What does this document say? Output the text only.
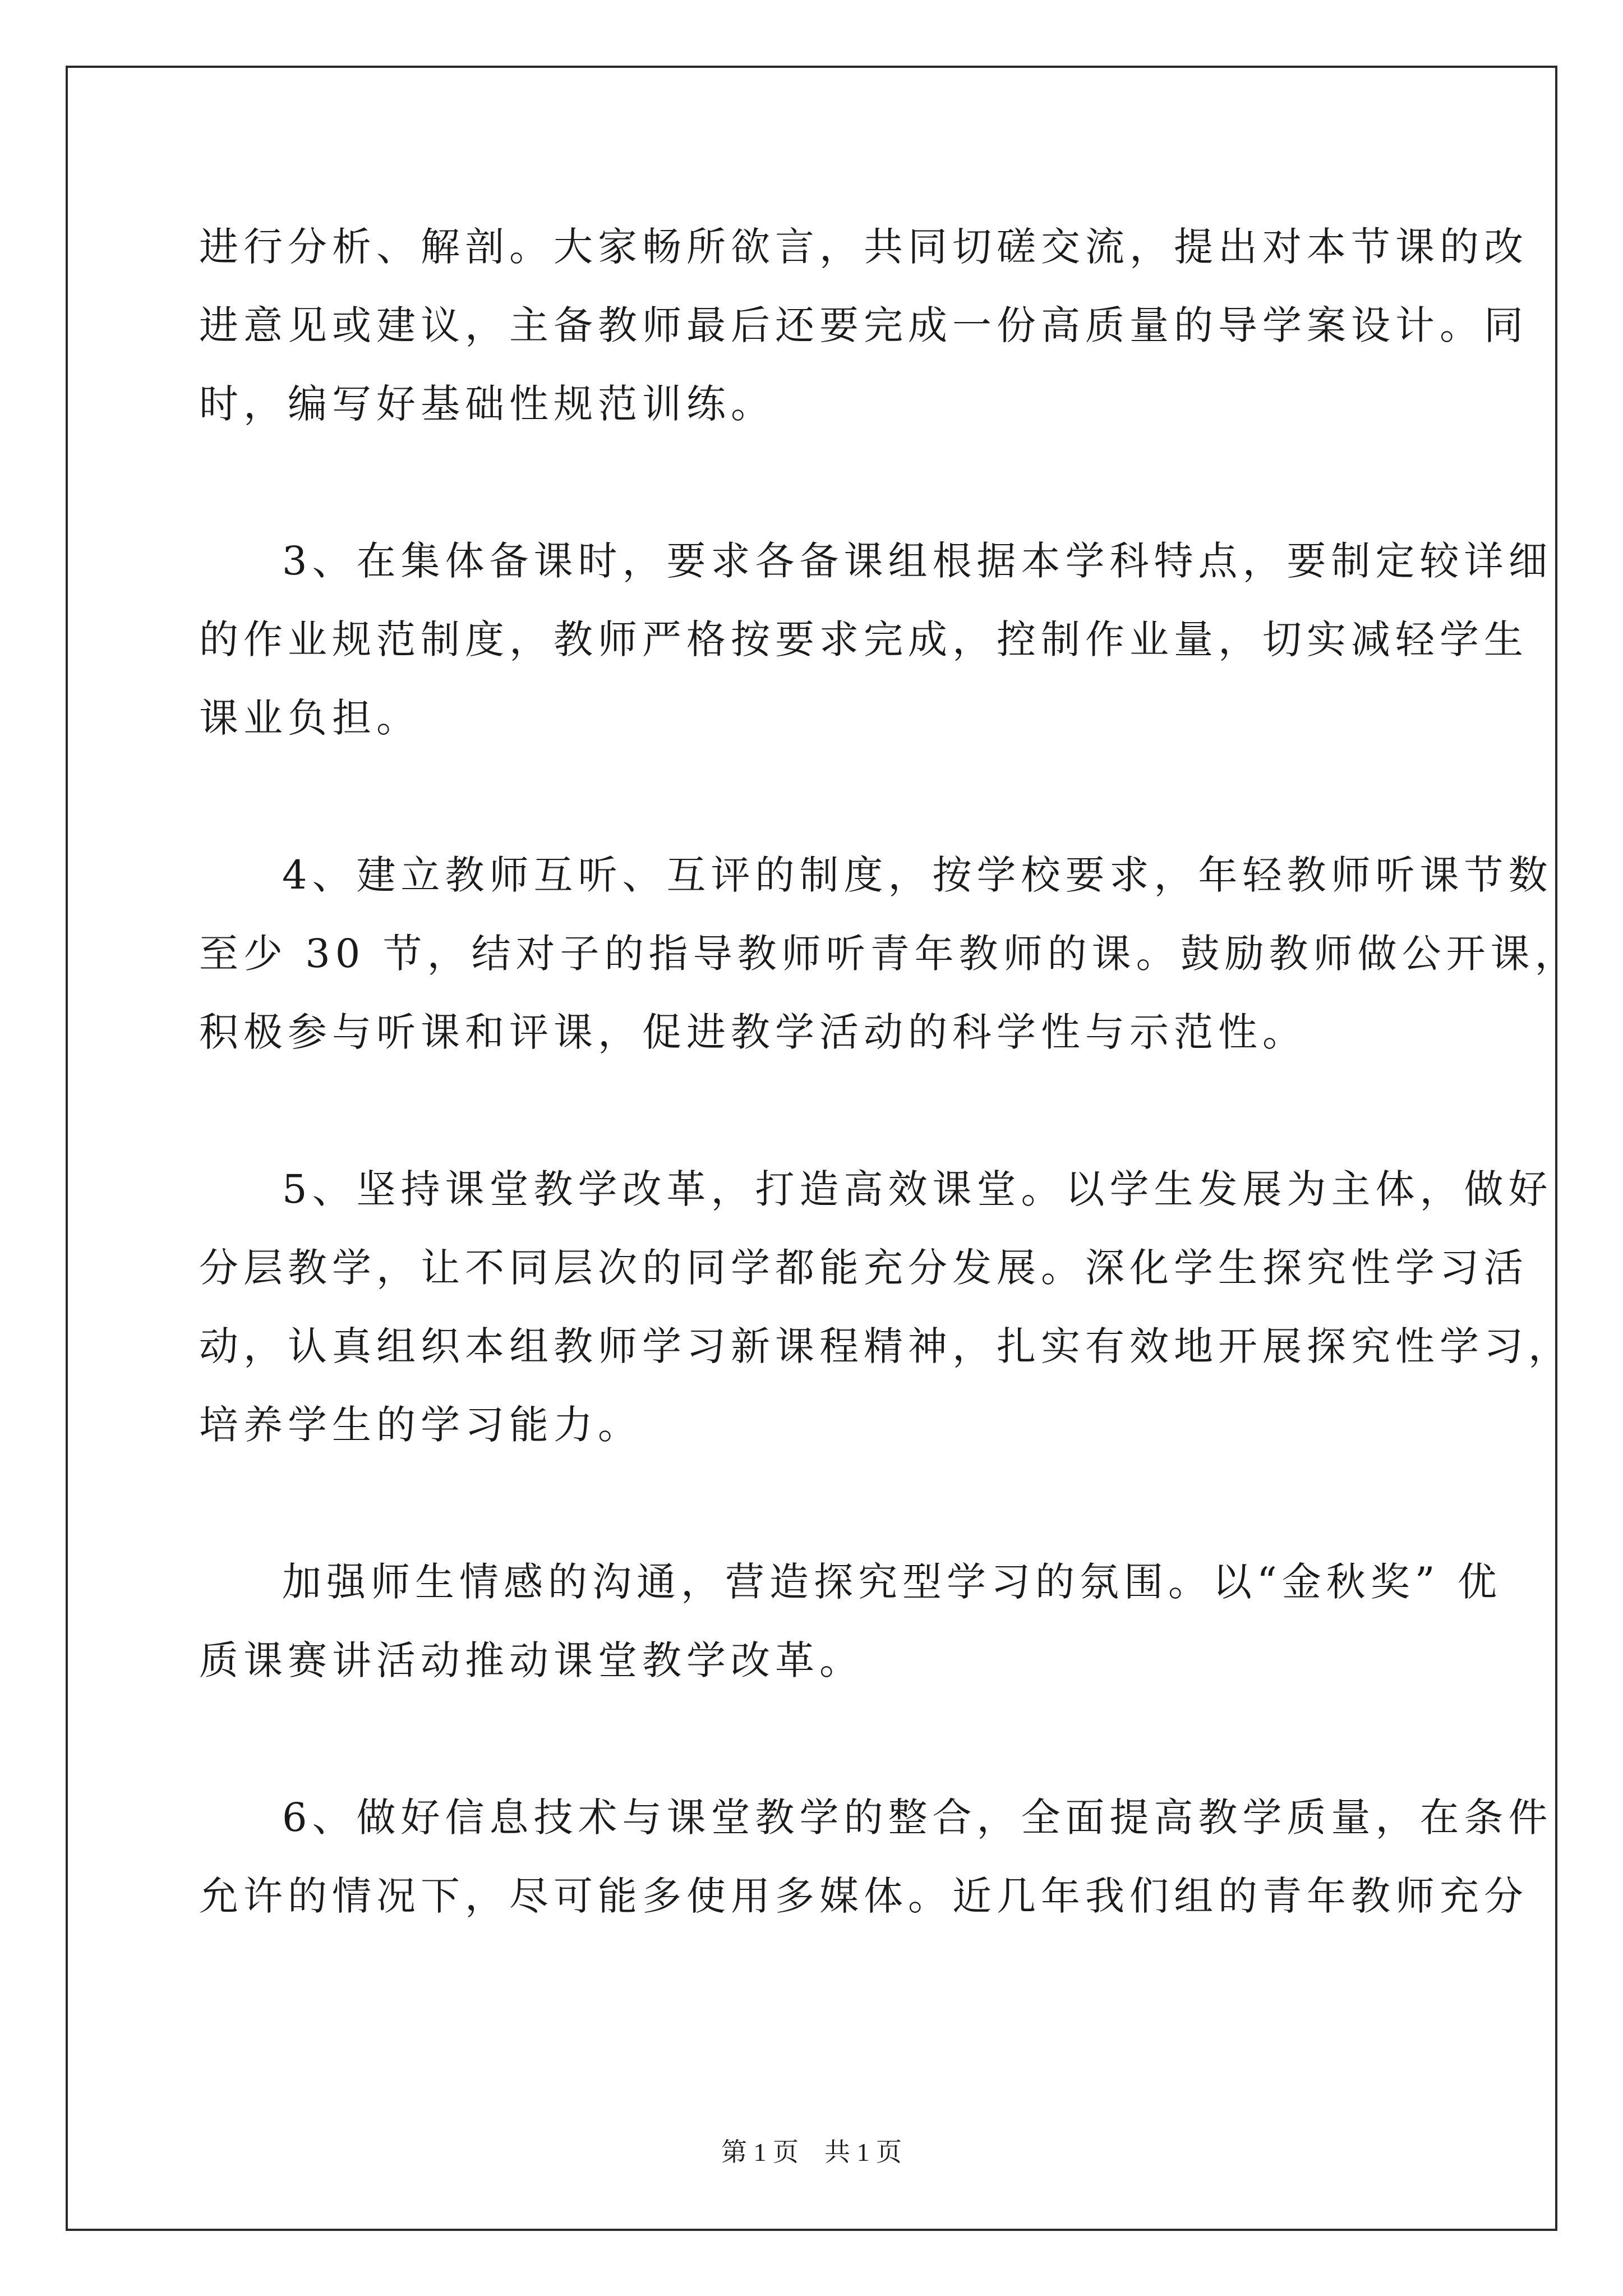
进行分析、解剖。大家畅所欲言，共同切磋交流，提出对本节课的改
进意见或建议，主备教师最后还要完成一份高质量的导学案设计。同
时，编写好基础性规范训练。
3、在集体备课时，要求各备课组根据本学科特点，要制定较详细
的作业规范制度，教师严格按要求完成，控制作业量，切实减轻学生
课业负担。
4、建立教师互听、互评的制度，按学校要求，年轻教师听课节数
至少 30 节，结对子的指导教师听青年教师的课。鼓励教师做公开课，
积极参与听课和评课，促进教学活动的科学性与示范性。
5、坚持课堂教学改革，打造高效课堂。以学生发展为主体，做好
分层教学，让不同层次的同学都能充分发展。深化学生探究性学习活
动，认真组织本组教师学习新课程精神，扎实有效地开展探究性学习，
培养学生的学习能力。
加强师生情感的沟通，营造探究型学习的氛围。以“金秋奖” 优
质课赛讲活动推动课堂教学改革。
6、做好信息技术与课堂教学的整合，全面提高教学质量，在条件
允许的情况下，尽可能多使用多媒体。近几年我们组的青年教师充分
第 1 页　共 1 页
